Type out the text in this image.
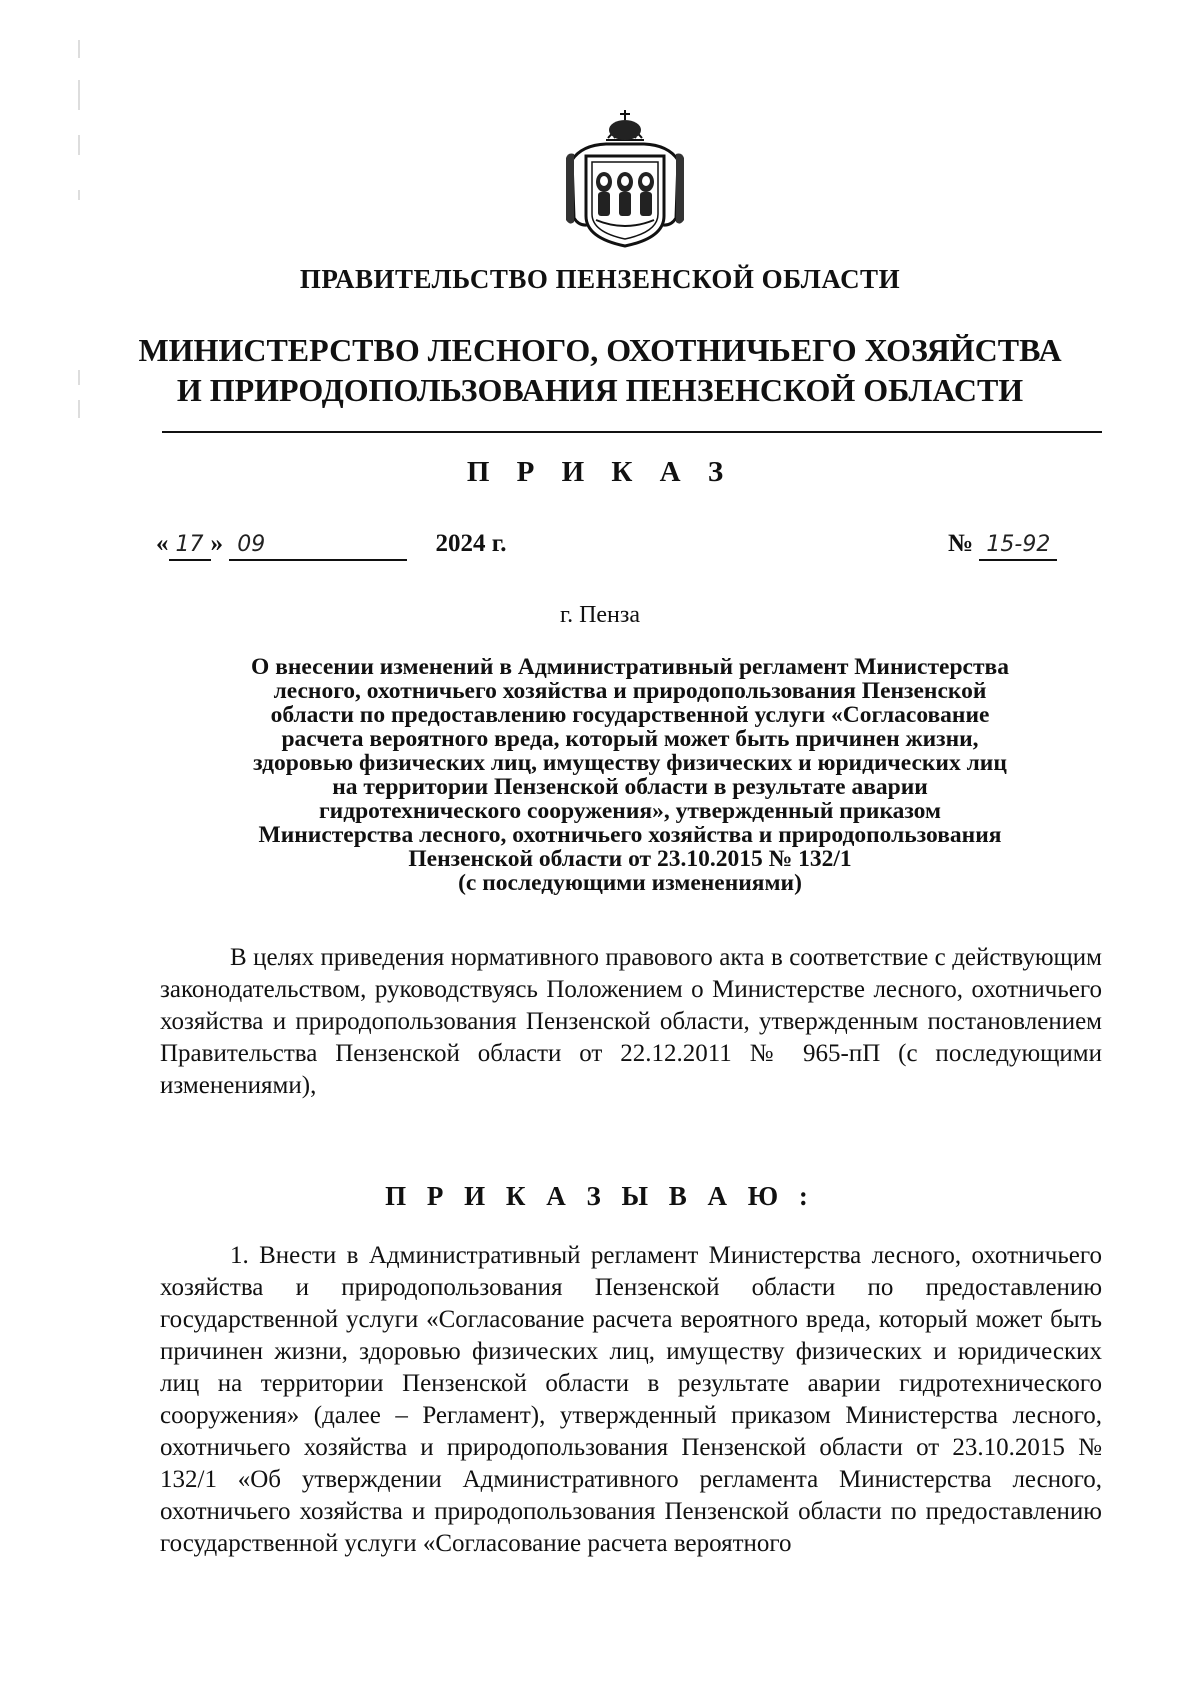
ПРАВИТЕЛЬСТВО ПЕНЗЕНСКОЙ ОБЛАСТИ
МИНИСТЕРСТВО ЛЕСНОГО, ОХОТНИЧЬЕГО ХОЗЯЙСТВА
И ПРИРОДОПОЛЬЗОВАНИЯ ПЕНЗЕНСКОЙ ОБЛАСТИ
П Р И К А З
« 17 » 09	2024 г.	№ 15-92
г. Пенза
О внесении изменений в Административный регламент Министерства
лесного, охотничьего хозяйства и природопользования Пензенской
области по предоставлению государственной услуги «Согласование
расчета вероятного вреда, который может быть причинен жизни,
здоровью физических лиц, имуществу физических и юридических лиц
на территории Пензенской области в результате аварии
гидротехнического сооружения», утвержденный приказом
Министерства лесного, охотничьего хозяйства и природопользования
Пензенской области от 23.10.2015 № 132/1
(с последующими изменениями)

В целях приведения нормативного правового акта в соответствие с действующим законодательством, руководствуясь Положением о Министерстве лесного, охотничьего хозяйства и природопользования Пензенской области, утвержденным постановлением Правительства Пензенской области от 22.12.2011 № 965-пП (с последующими изменениями),

П Р И К А З Ы В А Ю :

1. Внести в Административный регламент Министерства лесного, охотничьего хозяйства и природопользования Пензенской области по предоставлению государственной услуги «Согласование расчета вероятного вреда, который может быть причинен жизни, здоровью физических лиц, имуществу физических и юридических лиц на территории Пензенской области в результате аварии гидротехнического сооружения» (далее – Регламент), утвержденный приказом Министерства лесного, охотничьего хозяйства и природопользования Пензенской области от 23.10.2015 № 132/1 «Об утверждении Административного регламента Министерства лесного, охотничьего хозяйства и природопользования Пензенской области по предоставлению государственной услуги «Согласование расчета вероятного
